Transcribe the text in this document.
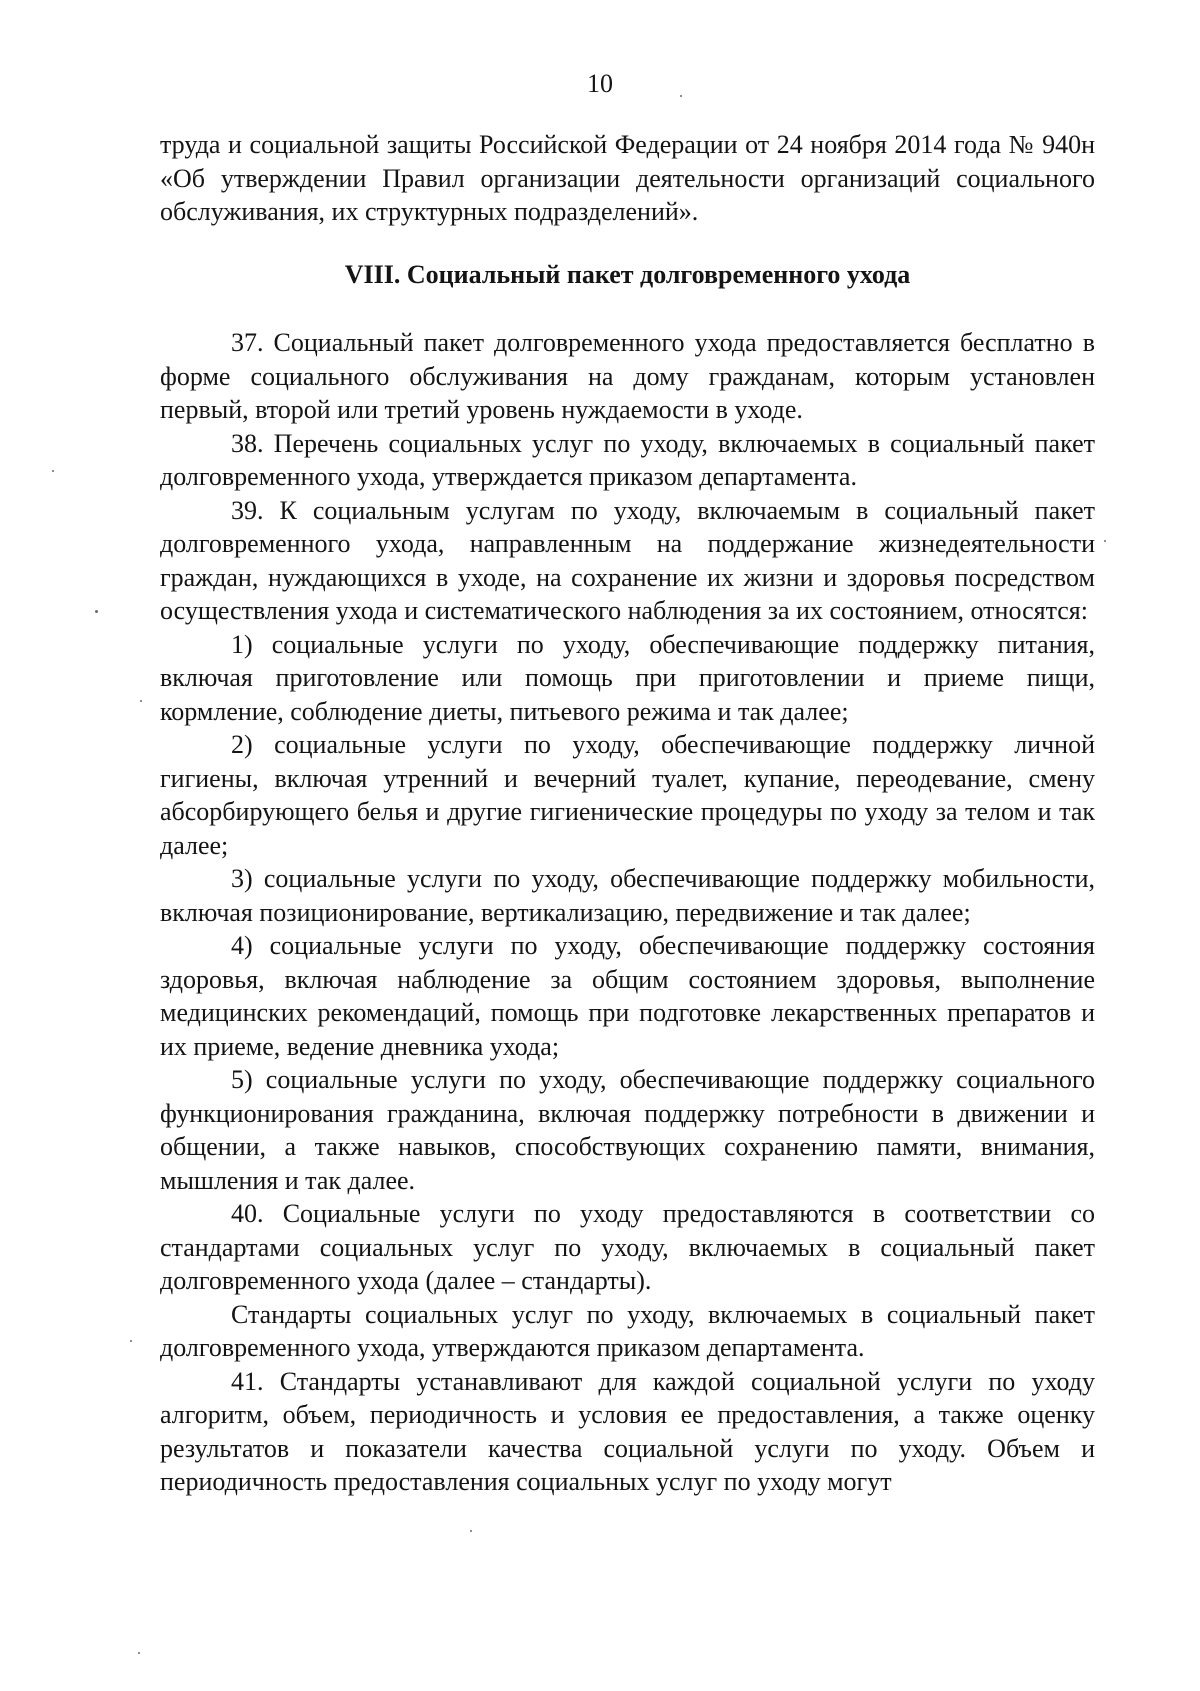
10

труда и социальной защиты Российской Федерации от 24 ноября 2014 года № 940н «Об утверждении Правил организации деятельности организаций социального обслуживания, их структурных подразделений».

VIII. Социальный пакет долговременного ухода

37. Социальный пакет долговременного ухода предоставляется бесплатно в форме социального обслуживания на дому гражданам, которым установлен первый, второй или третий уровень нуждаемости в уходе.

38. Перечень социальных услуг по уходу, включаемых в социальный пакет долговременного ухода, утверждается приказом департамента.

39. К социальным услугам по уходу, включаемым в социальный пакет долговременного ухода, направленным на поддержание жизнедеятельности граждан, нуждающихся в уходе, на сохранение их жизни и здоровья посредством осуществления ухода и систематического наблюдения за их состоянием, относятся:

1) социальные услуги по уходу, обеспечивающие поддержку питания, включая приготовление или помощь при приготовлении и приеме пищи, кормление, соблюдение диеты, питьевого режима и так далее;

2) социальные услуги по уходу, обеспечивающие поддержку личной гигиены, включая утренний и вечерний туалет, купание, переодевание, смену абсорбирующего белья и другие гигиенические процедуры по уходу за телом и так далее;

3) социальные услуги по уходу, обеспечивающие поддержку мобильности, включая позиционирование, вертикализацию, передвижение и так далее;

4) социальные услуги по уходу, обеспечивающие поддержку состояния здоровья, включая наблюдение за общим состоянием здоровья, выполнение медицинских рекомендаций, помощь при подготовке лекарственных препаратов и их приеме, ведение дневника ухода;

5) социальные услуги по уходу, обеспечивающие поддержку социального функционирования гражданина, включая поддержку потребности в движении и общении, а также навыков, способствующих сохранению памяти, внимания, мышления и так далее.

40. Социальные услуги по уходу предоставляются в соответствии со стандартами социальных услуг по уходу, включаемых в социальный пакет долговременного ухода (далее – стандарты).

Стандарты социальных услуг по уходу, включаемых в социальный пакет долговременного ухода, утверждаются приказом департамента.

41. Стандарты устанавливают для каждой социальной услуги по уходу алгоритм, объем, периодичность и условия ее предоставления, а также оценку результатов и показатели качества социальной услуги по уходу. Объем и периодичность предоставления социальных услуг по уходу могут
